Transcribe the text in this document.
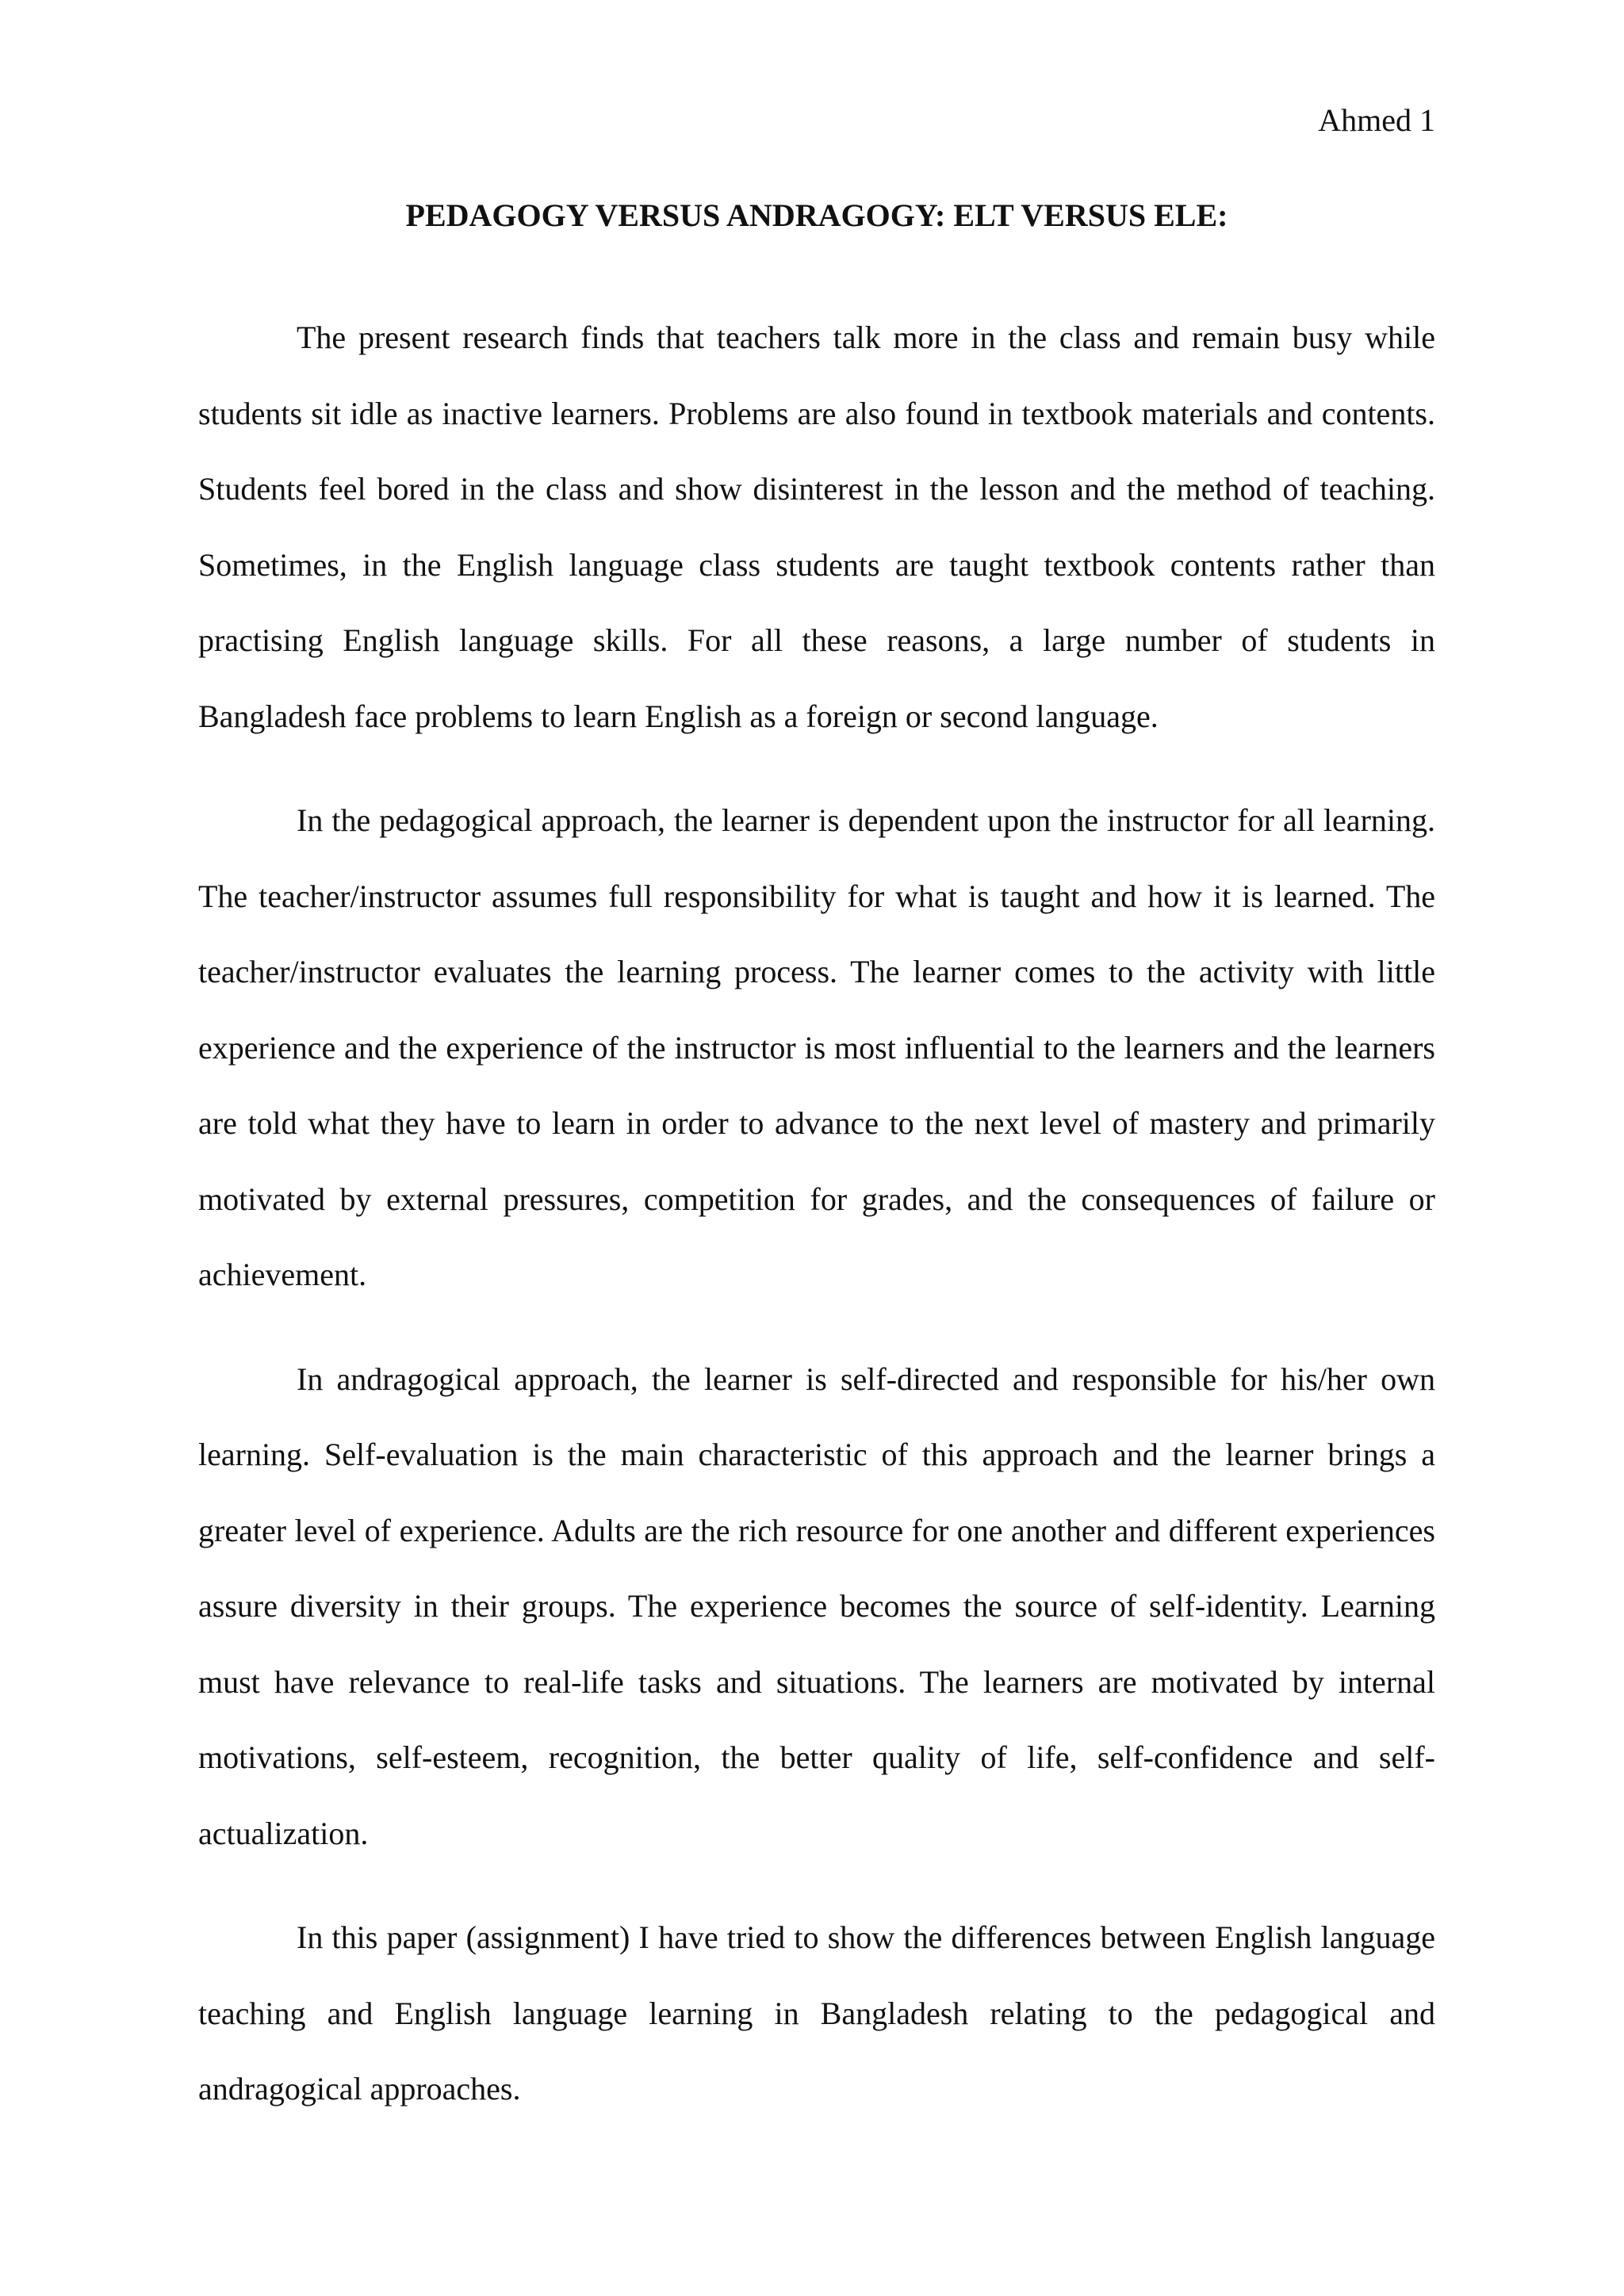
Ahmed 1
PEDAGOGY VERSUS ANDRAGOGY: ELT VERSUS ELE:

The present research finds that teachers talk more in the class and remain busy while students sit idle as inactive learners. Problems are also found in textbook materials and contents. Students feel bored in the class and show disinterest in the lesson and the method of teaching. Sometimes, in the English language class students are taught textbook contents rather than practising English language skills. For all these reasons, a large number of students in Bangladesh face problems to learn English as a foreign or second language.

In the pedagogical approach, the learner is dependent upon the instructor for all learning. The teacher/instructor assumes full responsibility for what is taught and how it is learned. The teacher/instructor evaluates the learning process. The learner comes to the activity with little experience and the experience of the instructor is most influential to the learners and the learners are told what they have to learn in order to advance to the next level of mastery and primarily motivated by external pressures, competition for grades, and the consequences of failure or achievement.

In andragogical approach, the learner is self-directed and responsible for his/her own learning. Self-evaluation is the main characteristic of this approach and the learner brings a greater level of experience. Adults are the rich resource for one another and different experiences assure diversity in their groups. The experience becomes the source of self-identity. Learning must have relevance to real-life tasks and situations. The learners are motivated by internal motivations, self-esteem, recognition, the better quality of life, self-confidence and self-actualization.

In this paper (assignment) I have tried to show the differences between English language teaching and English language learning in Bangladesh relating to the pedagogical and andragogical approaches.
